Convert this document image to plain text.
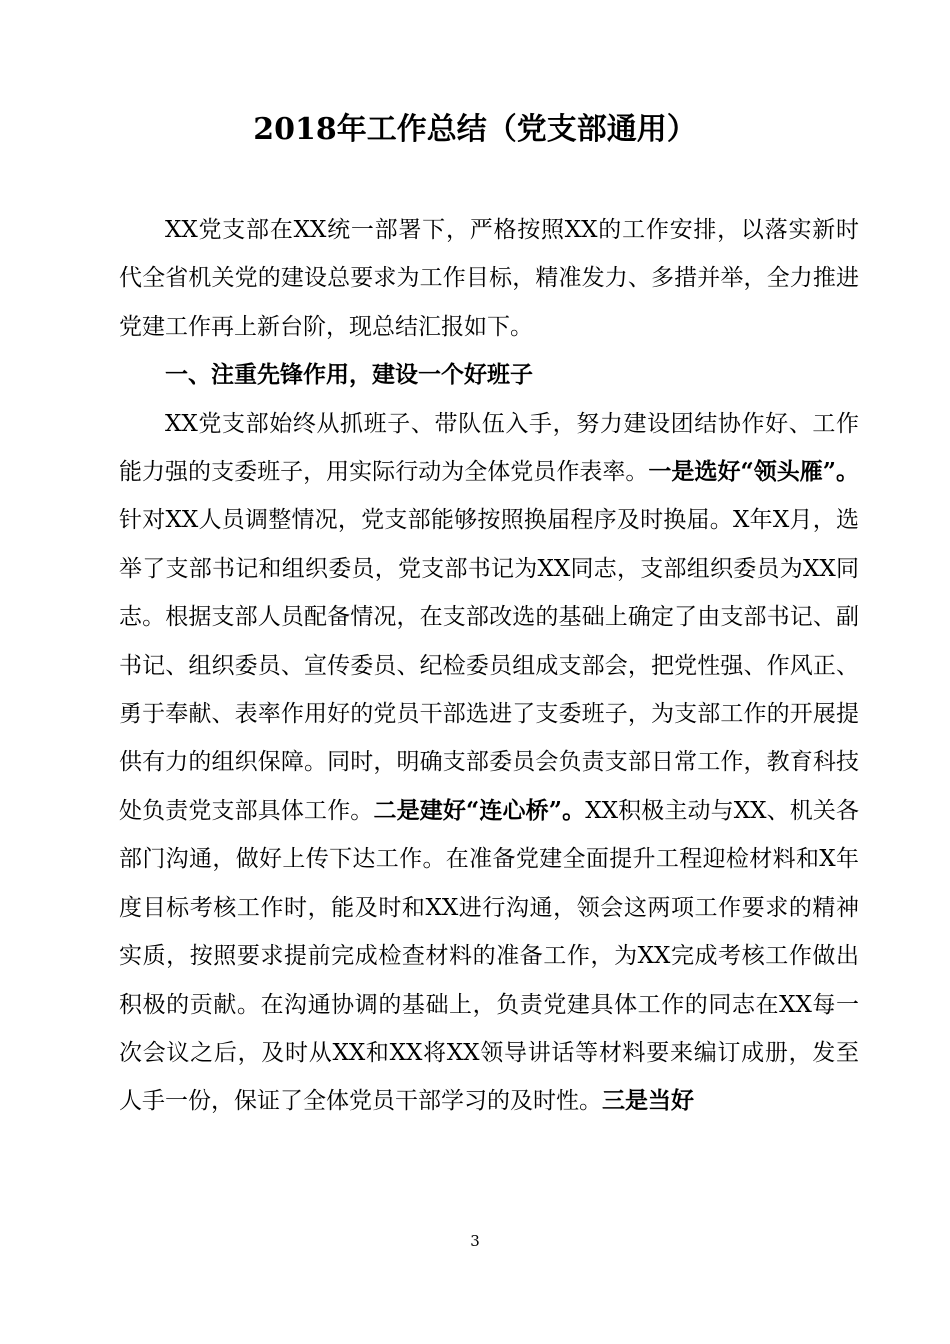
2018年工作总结（党支部通用）

XX党支部在XX统一部署下，严格按照XX的工作安排，以落实新时代全省机关党的建设总要求为工作目标，精准发力、多措并举，全力推进党建工作再上新台阶，现总结汇报如下。

一、注重先锋作用，建设一个好班子

XX党支部始终从抓班子、带队伍入手，努力建设团结协作好、工作能力强的支委班子，用实际行动为全体党员作表率。一是选好“领头雁”。针对XX人员调整情况，党支部能够按照换届程序及时换届。X年X月，选举了支部书记和组织委员，党支部书记为XX同志，支部组织委员为XX同志。根据支部人员配备情况，在支部改选的基础上确定了由支部书记、副书记、组织委员、宣传委员、纪检委员组成支部会，把党性强、作风正、勇于奉献、表率作用好的党员干部选进了支委班子，为支部工作的开展提供有力的组织保障。同时，明确支部委员会负责支部日常工作，教育科技处负责党支部具体工作。二是建好“连心桥”。XX积极主动与XX、机关各部门沟通，做好上传下达工作。在准备党建全面提升工程迎检材料和X年度目标考核工作时，能及时和XX进行沟通，领会这两项工作要求的精神实质，按照要求提前完成检查材料的准备工作，为XX完成考核工作做出积极的贡献。在沟通协调的基础上，负责党建具体工作的同志在XX每一次会议之后，及时从XX和XX将XX领导讲话等材料要来编订成册，发至人手一份，保证了全体党员干部学习的及时性。三是当好

3
